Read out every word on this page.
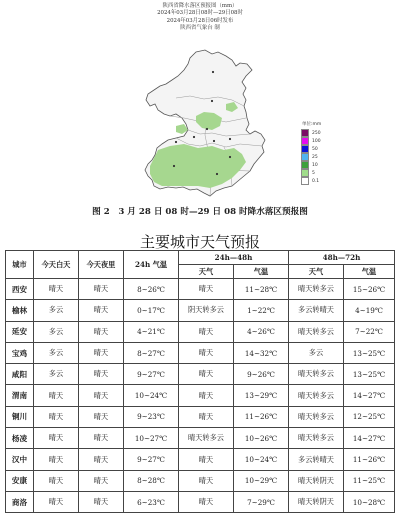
陕西省降水落区预报图（mm）
2024年03月28日08时—29日08时
2024年03月28日06时发布
陕西省气象台 制
单位:mm
250
100
50
25
10
5
0.1
图 2　3 月 28 日 08 时—29 日 08 时降水落区预报图
主要城市天气预报
城市	今天白天	今天夜里	24h 气温	24h—48h		48h—72h	
				天气	气温	天气	气温
西安	晴天	晴天	8~26℃	晴天	11~28℃	晴天转多云	15~26℃
榆林	多云	晴天	0~17℃	阴天转多云	1~22℃	多云转晴天	4~19℃
延安	多云	晴天	4~21℃	晴天	4~26℃	晴天转多云	7~22℃
宝鸡	多云	晴天	8~27℃	晴天	14~32℃	多云	13~25℃
咸阳	多云	晴天	9~27℃	晴天	9~26℃	晴天转多云	13~25℃
渭南	晴天	晴天	10~24℃	晴天	13~29℃	晴天转多云	14~27℃
铜川	晴天	晴天	9~23℃	晴天	11~26℃	晴天转多云	12~25℃
杨凌	晴天	晴天	10~27℃	晴天转多云	10~26℃	晴天转多云	14~27℃
汉中	晴天	晴天	9~27℃	晴天	10~24℃	多云转晴天	11~26℃
安康	晴天	晴天	8~28℃	晴天	10~29℃	晴天转阴天	11~25℃
商洛	晴天	晴天	6~23℃	晴天	7~29℃	晴天转阴天	10~28℃
